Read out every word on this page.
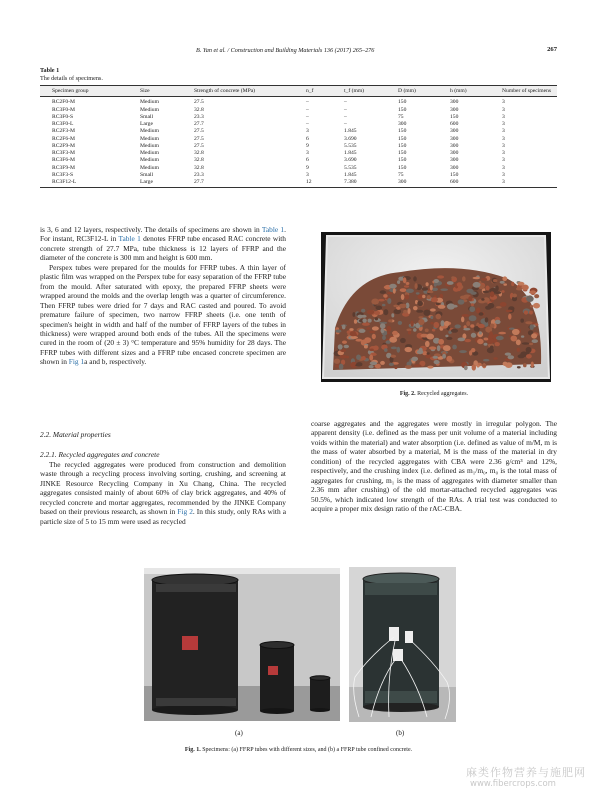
B. Yan et al. / Construction and Building Materials 136 (2017) 265–276	267
Table 1
The details of specimens.
Specimen group	Size	Strength of concrete (MPa)	n_f	t_f (mm)	D (mm)	h (mm)	Number of specimens
RC2F0-M	Medium	27.5	–	–	150	300	3
RC3F0-M	Medium	32.8	–	–	150	300	3
RC3F0-S	Small	23.3	–	–	75	150	3
RC3F0-L	Large	27.7	–	–	300	600	3
RC2F3-M	Medium	27.5	3	1.845	150	300	3
RC2F6-M	Medium	27.5	6	3.690	150	300	3
RC2F9-M	Medium	27.5	9	5.535	150	300	3
RC3F3-M	Medium	32.8	3	1.845	150	300	3
RC3F6-M	Medium	32.8	6	3.690	150	300	3
RC3F9-M	Medium	32.8	9	5.535	150	300	3
RC3F3-S	Small	23.3	3	1.845	75	150	3
RC3F12-L	Large	27.7	12	7.380	300	600	3

is 3, 6 and 12 layers, respectively. The details of specimens are shown in Table 1. For instant, RC3F12-L in Table 1 denotes FFRP tube encased RAC concrete with concrete strength of 27.7 MPa, tube thickness is 12 layers of FFRP and the diameter of the concrete is 300 mm and height is 600 mm.

Perspex tubes were prepared for the moulds for FFRP tubes. A thin layer of plastic film was wrapped on the Perspex tube for easy separation of the FFRP tube from the mould. After saturated with epoxy, the prepared FFRP sheets were wrapped around the molds and the overlap length was a quarter of circumference. Then FFRP tubes were dried for 7 days and RAC casted and poured. To avoid premature failure of specimen, two narrow FFRP sheets (i.e. one tenth of specimen's height in width and half of the number of FFRP layers of the tubes in thickness) were wrapped around both ends of the tubes. All the specimens were cured in the room of (20 ± 3) °C temperature and 95% humidity for 28 days. The FFRP tubes with different sizes and a FFRP tube encased concrete specimen are shown in Fig 1a and b, respectively.

2.2. Material properties
2.2.1. Recycled aggregates and concrete

The recycled aggregates were produced from construction and demolition waste through a recycling process involving sorting, crushing, and screening at JINKE Resource Recycling Company in Xu Chang, China. The recycled aggregates consisted mainly of about 60% of clay brick aggregates, and 40% of recycled concrete and mortar aggregates, recommended by the JINKE Company based on their previous research, as shown in Fig 2. In this study, only RAs with a particle size of 5 to 15 mm were used as recycled

Fig. 2. Recycled aggregates.

coarse aggregates and the aggregates were mostly in irregular polygon. The apparent density (i.e. defined as the mass per unit volume of a material including voids within the material) and water absorption (i.e. defined as value of m/M, m is the mass of water absorbed by a material, M is the mass of the material in dry condition) of the recycled aggregates with CBA were 2.36 g/cm³ and 12%, respectively, and the crushing index (i.e. defined as m₁/m₀, m₀ is the total mass of aggregates for crushing, m₁ is the mass of aggregates with diameter smaller than 2.36 mm after crushing) of the old mortar-attached recycled aggregates was 50.5%, which indicated low strength of the RAs. A trial test was conducted to acquire a proper mix design ratio of the rAC-CBA.

(a)	(b)
Fig. 1. Specimens: (a) FFRP tubes with different sizes, and (b) a FFRP tube confined concrete.
麻类作物营养与施肥网
www.fibercrops.com
